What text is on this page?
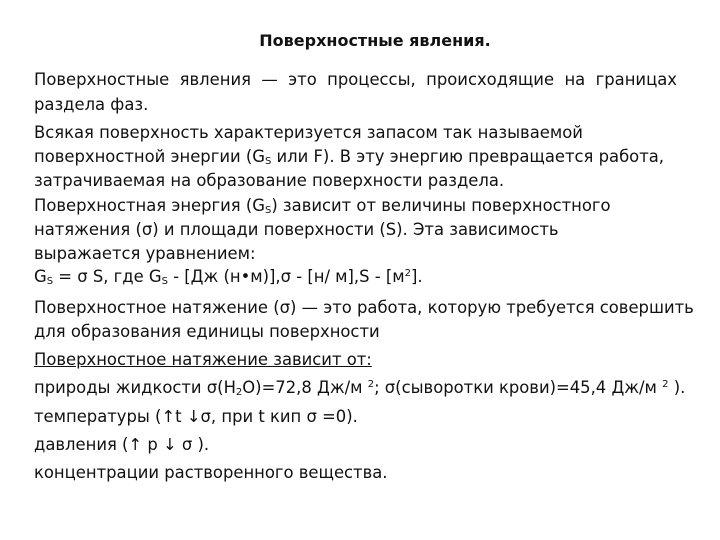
Поверхностные явления.
Поверхностные явления — это процессы, происходящие на границах
раздела фаз.
Всякая поверхность характеризуется запасом так называемой
поверхностной энергии ($G_S$ или F). В эту энергию превращается работа,
затрачиваемая на образование поверхности раздела.
Поверхностная энергия $(G_S)$ зависит от величины поверхностного
натяжения (σ) и площади поверхности (S). Эта зависимость
выражается уравнением:
$G_S = \sigma$ S, где $G_S - [Дж$ (н•м)],σ - [н/ $м],S - [м^2]$.
Поверхностное натяжение (σ) — это работа, которую требуется совершить
для образования единицы поверхности
Поверхностное натяжение зависит от:
природы жидкости $\sigma(H_2O)=72,8$ Дж/м $^2$; σ(сыворотки крови)=45,4 Дж/м $^2$ ).
температуры (↑t ↓σ, при t кип σ =0).
давления (↑ р ↓ σ ).
концентрации растворенного вещества.
